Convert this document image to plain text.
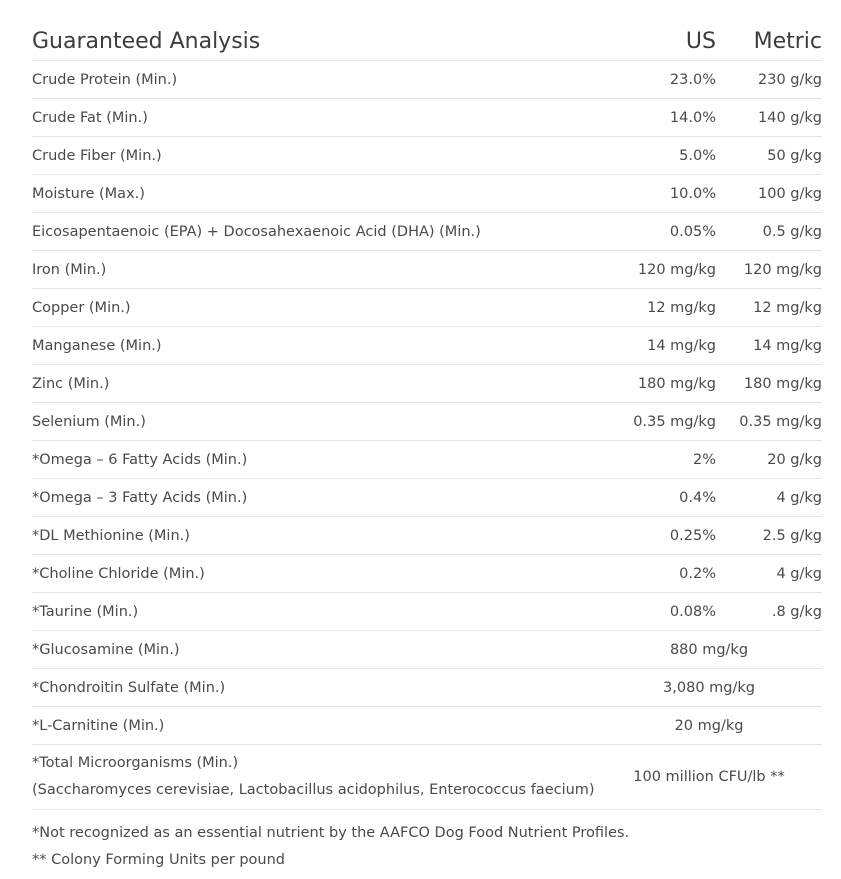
Guaranteed Analysis	US	Metric
Crude Protein (Min.)	23.0%	230 g/kg
Crude Fat (Min.)	14.0%	140 g/kg
Crude Fiber (Min.)	5.0%	50 g/kg
Moisture (Max.)	10.0%	100 g/kg
Eicosapentaenoic (EPA) + Docosahexaenoic Acid (DHA) (Min.)	0.05%	0.5 g/kg
Iron (Min.)	120 mg/kg	120 mg/kg
Copper (Min.)	12 mg/kg	12 mg/kg
Manganese (Min.)	14 mg/kg	14 mg/kg
Zinc (Min.)	180 mg/kg	180 mg/kg
Selenium (Min.)	0.35 mg/kg	0.35 mg/kg
*Omega – 6 Fatty Acids (Min.)	2%	20 g/kg
*Omega – 3 Fatty Acids (Min.)	0.4%	4 g/kg
*DL Methionine (Min.)	0.25%	2.5 g/kg
*Choline Chloride (Min.)	0.2%	4 g/kg
*Taurine (Min.)	0.08%	.8 g/kg
*Glucosamine (Min.)	880 mg/kg	
*Chondroitin Sulfate (Min.)	3,080 mg/kg	
*L-Carnitine (Min.)	20 mg/kg	

*Total Microorganisms (Min.)
(Saccharomyces cerevisiae, Lactobacillus acidophilus, Enterococcus faecium)	100 million CFU/lb **	
*Not recognized as an essential nutrient by the AAFCO Dog Food Nutrient Profiles.
** Colony Forming Units per pound
